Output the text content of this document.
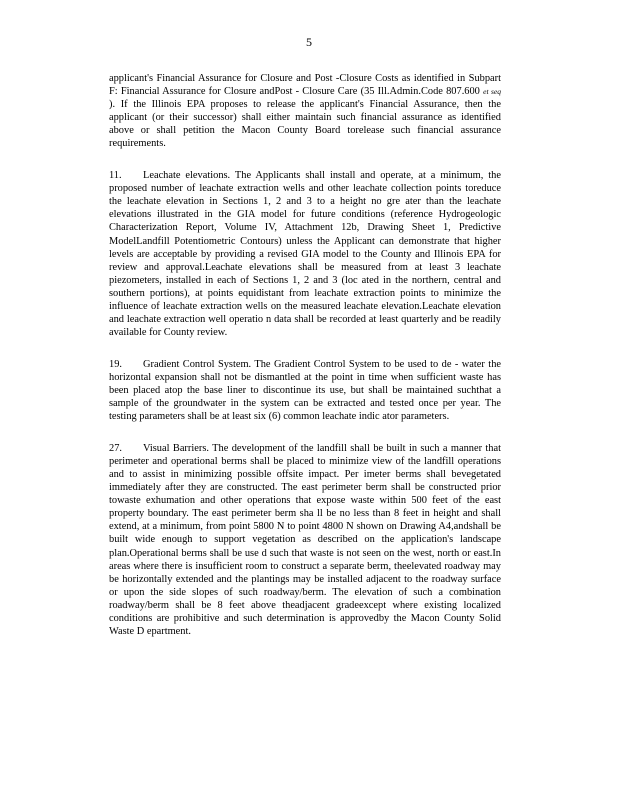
5

applicant's Financial Assurance for Closure and Post -Closure Costs as identified in Subpart F: Financial Assurance for Closure andPost - Closure Care (35 Ill.Admin.Code 807.600 et seq ). If the Illinois EPA proposes to release the applicant's Financial Assurance, then the applicant (or their successor) shall either maintain such financial assurance as identified above or shall petition the Macon County Board torelease such financial assurance requirements.

11. Leachate elevations. The Applicants shall install and operate, at a minimum, the proposed number of leachate extraction wells and other leachate collection points toreduce the leachate elevation in Sections 1, 2 and 3 to a height no gre ater than the leachate elevations illustrated in the GIA model for future conditions (reference Hydrogeologic Characterization Report, Volume IV, Attachment 12b, Drawing Sheet 1, Predictive ModelLandfill Potentiometric Contours) unless the Applicant can demonstrate that higher levels are acceptable by providing a revised GIA model to the County and Illinois EPA for review and approval.Leachate elevations shall be measured from at least 3 leachate piezometers, installed in each of Sections 1, 2 and 3 (loc ated in the northern, central and southern portions), at points equidistant from leachate extraction points to minimize the influence of leachate extraction wells on the measured leachate elevation.Leachate elevation and leachate extraction well operatio n data shall be recorded at least quarterly and be readily available for County review.

19. Gradient Control System. The Gradient Control System to be used to de - water the horizontal expansion shall not be dismantled at the point in time when sufficient waste has been placed atop the base liner to discontinue its use, but shall be maintained suchthat a sample of the groundwater in the system can be extracted and tested once per year. The testing parameters shall be at least six (6) common leachate indic ator parameters.

27. Visual Barriers. The development of the landfill shall be built in such a manner that perimeter and operational berms shall be placed to minimize view of the landfill operations and to assist in minimizing possible offsite impact. Per imeter berms shall bevegetated immediately after they are constructed. The east perimeter berm shall be constructed prior towaste exhumation and other operations that expose waste within 500 feet of the east property boundary. The east perimeter berm sha ll be no less than 8 feet in height and shall extend, at a minimum, from point 5800 N to point 4800 N shown on Drawing A4,andshall be built wide enough to support vegetation as described on the application's landscape plan.Operational berms shall be use d such that waste is not seen on the west, north or east.In areas where there is insufficient room to construct a separate berm, theelevated roadway may be horizontally extended and the plantings may be installed adjacent to the roadway surface or upon the side slopes of such roadway/berm. The elevation of such a combination roadway/berm shall be 8 feet above theadjacent gradeexcept where existing localized conditions are prohibitive and such determination is approvedby the Macon County Solid Waste D epartment.
